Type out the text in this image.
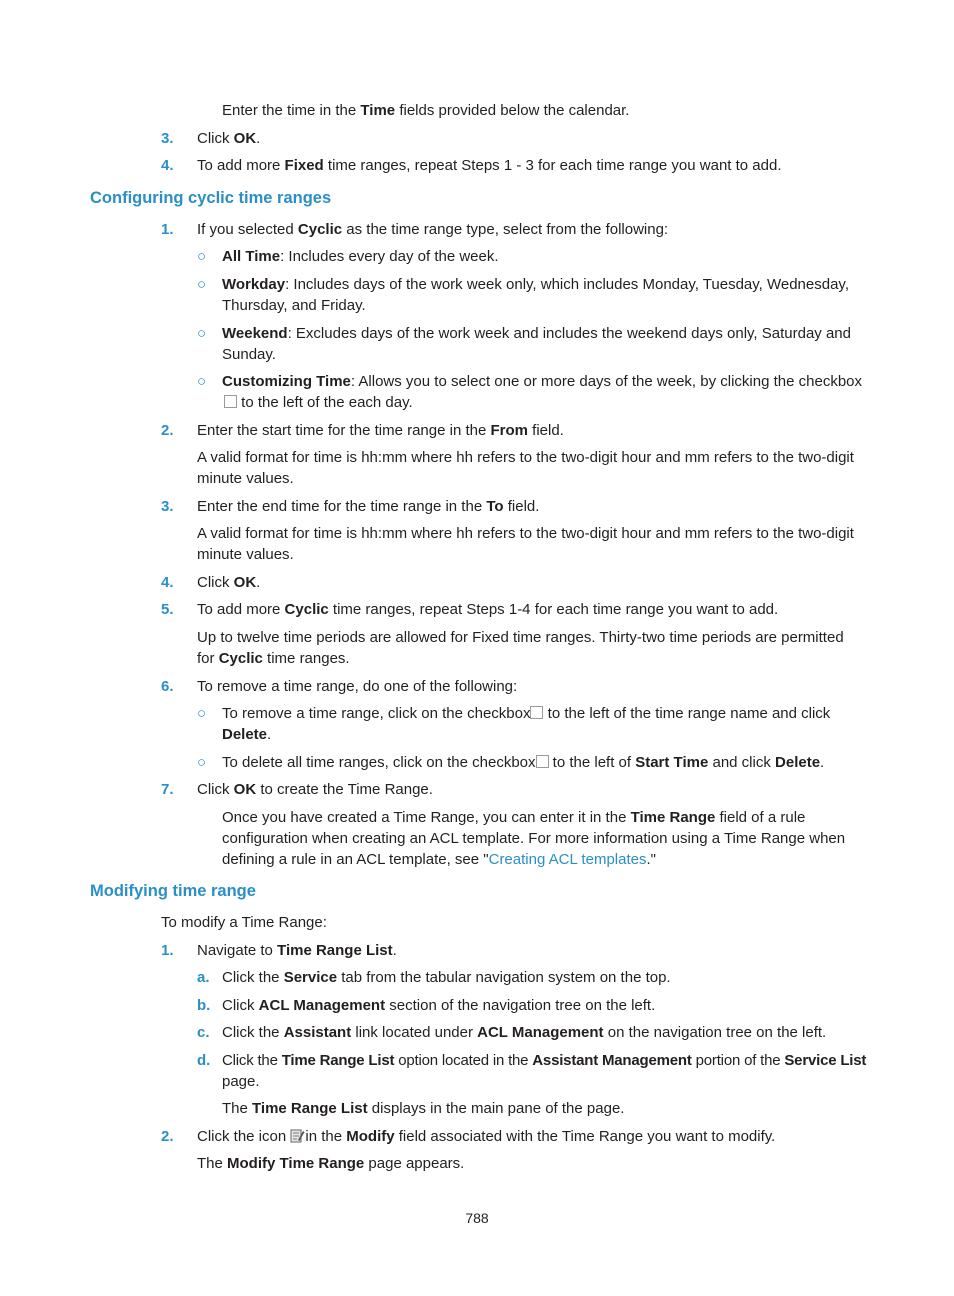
Enter the time in the Time fields provided below the calendar.
3. Click OK.
4. To add more Fixed time ranges, repeat Steps 1 - 3 for each time range you want to add.
Configuring cyclic time ranges
1. If you selected Cyclic as the time range type, select from the following:
○ All Time: Includes every day of the week.
○ Workday: Includes days of the work week only, which includes Monday, Tuesday, Wednesday,
Thursday, and Friday.
○ Weekend: Excludes days of the work week and includes the weekend days only, Saturday and
Sunday.
○ Customizing Time: Allows you to select one or more days of the week, by clicking the checkbox
to the left of the each day.
2. Enter the start time for the time range in the From field.
A valid format for time is hh:mm where hh refers to the two-digit hour and mm refers to the two-digit
minute values.
3. Enter the end time for the time range in the To field.
A valid format for time is hh:mm where hh refers to the two-digit hour and mm refers to the two-digit
minute values.
4. Click OK.
5. To add more Cyclic time ranges, repeat Steps 1-4 for each time range you want to add.
Up to twelve time periods are allowed for Fixed time ranges. Thirty-two time periods are permitted
for Cyclic time ranges.
6. To remove a time range, do one of the following:
○ To remove a time range, click on the checkbox to the left of the time range name and click
Delete.
○ To delete all time ranges, click on the checkbox to the left of Start Time and click Delete.
7. Click OK to create the Time Range.
Once you have created a Time Range, you can enter it in the Time Range field of a rule
configuration when creating an ACL template. For more information using a Time Range when
defining a rule in an ACL template, see "Creating ACL templates."
Modifying time range
To modify a Time Range:
1. Navigate to Time Range List.
a. Click the Service tab from the tabular navigation system on the top.
b. Click ACL Management section of the navigation tree on the left.
c. Click the Assistant link located under ACL Management on the navigation tree on the left.
d. Click the Time Range List option located in the Assistant Management portion of the Service List
page.
The Time Range List displays in the main pane of the page.
2. Click the icon in the Modify field associated with the Time Range you want to modify.
The Modify Time Range page appears.
788
